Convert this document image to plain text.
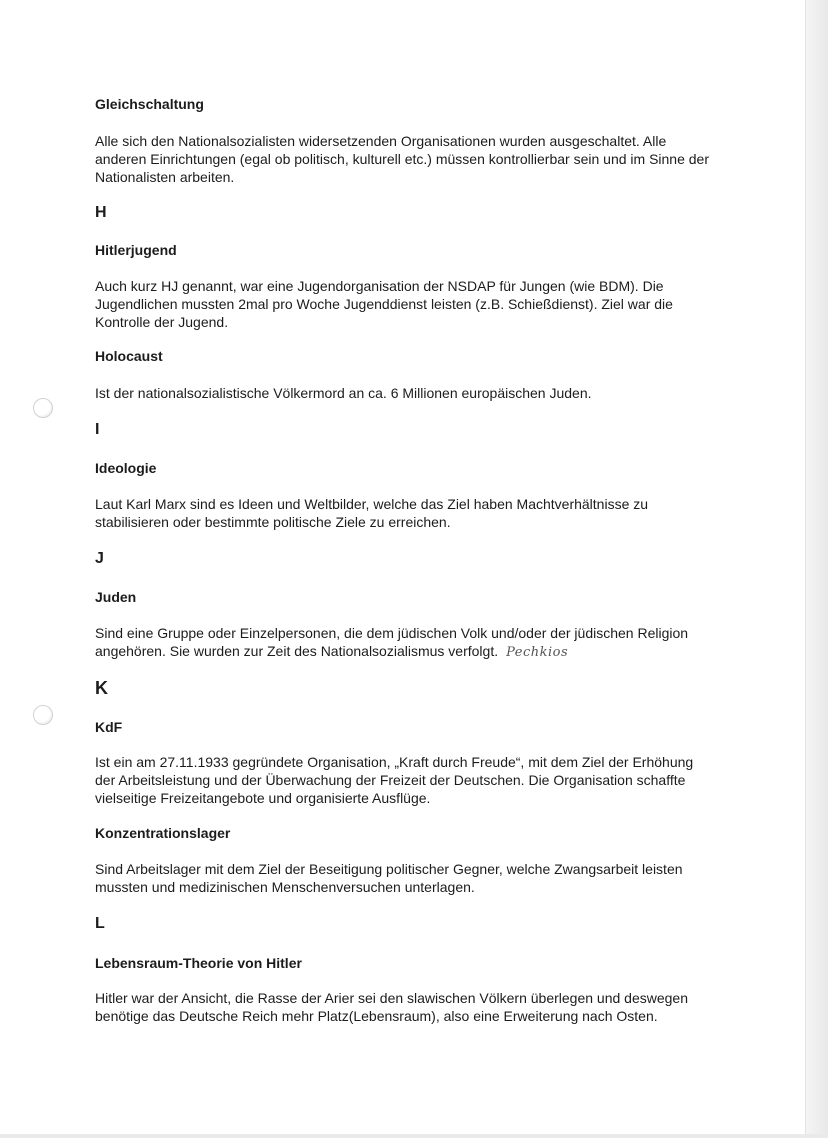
Gleichschaltung

Alle sich den Nationalsozialisten widersetzenden Organisationen wurden ausgeschaltet. Alle anderen Einrichtungen (egal ob politisch, kulturell etc.) müssen kontrollierbar sein und im Sinne der Nationalisten arbeiten.

H

Hitlerjugend

Auch kurz HJ genannt, war eine Jugendorganisation der NSDAP für Jungen (wie BDM). Die Jugendlichen mussten 2mal pro Woche Jugenddienst leisten (z.B. Schießdienst). Ziel war die Kontrolle der Jugend.

Holocaust

Ist der nationalsozialistische Völkermord an ca. 6 Millionen europäischen Juden.

I

Ideologie

Laut Karl Marx sind es Ideen und Weltbilder, welche das Ziel haben Machtverhältnisse zu stabilisieren oder bestimmte politische Ziele zu erreichen.

J

Juden

Sind eine Gruppe oder Einzelpersonen, die dem jüdischen Volk und/oder der jüdischen Religion angehören. Sie wurden zur Zeit des Nationalsozialismus verfolgt. Pechkios

K

KdF

Ist ein am 27.11.1933 gegründete Organisation, „Kraft durch Freude“, mit dem Ziel der Erhöhung der Arbeitsleistung und der Überwachung der Freizeit der Deutschen. Die Organisation schaffte vielseitige Freizeitangebote und organisierte Ausflüge.

Konzentrationslager

Sind Arbeitslager mit dem Ziel der Beseitigung politischer Gegner, welche Zwangsarbeit leisten mussten und medizinischen Menschenversuchen unterlagen.

L

Lebensraum-Theorie von Hitler

Hitler war der Ansicht, die Rasse der Arier sei den slawischen Völkern überlegen und deswegen benötige das Deutsche Reich mehr Platz(Lebensraum), also eine Erweiterung nach Osten.
